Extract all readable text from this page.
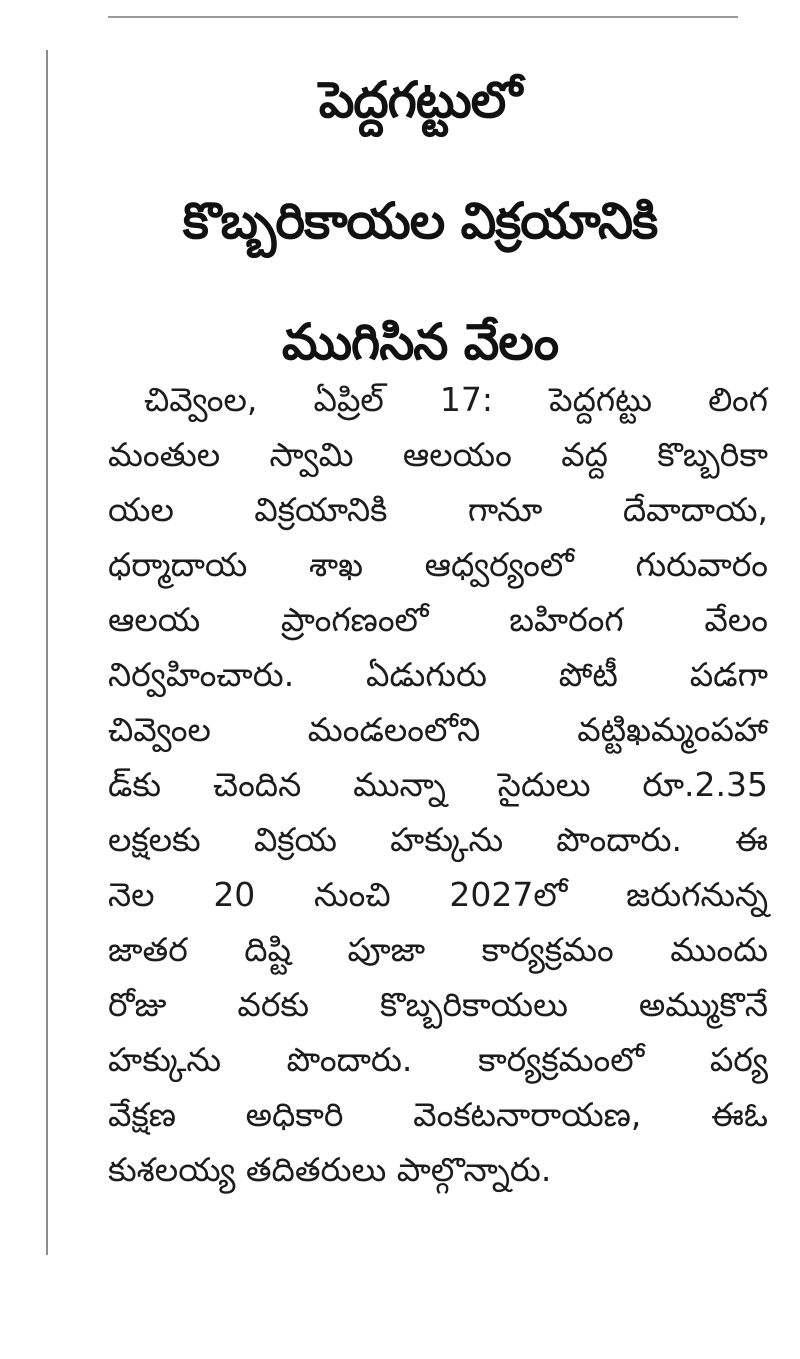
పెద్దగట్టులో
కొబ్బరికాయల విక్రయానికి
ముగిసిన వేలం
చివ్వెంల, ఏప్రిల్ 17: పెద్దగట్టు లింగ
మంతుల స్వామి ఆలయం వద్ద కొబ్బరికా
యల విక్రయానికి గానూ దేవాదాయ,
ధర్మాదాయ శాఖ ఆధ్వర్యంలో గురువారం
ఆలయ ప్రాంగణంలో బహిరంగ వేలం
నిర్వహించారు. ఏడుగురు పోటీ పడగా
చివ్వెంల మండలంలోని వట్టిఖమ్మంపహా
డ్‌కు చెందిన మున్నా సైదులు రూ.2.35
లక్షలకు విక్రయ హక్కును పొందారు. ఈ
నెల 20 నుంచి 2027లో జరుగనున్న
జాతర దిష్టి పూజా కార్యక్రమం ముందు
రోజు వరకు కొబ్బరికాయలు అమ్ముకొనే
హక్కును పొందారు. కార్యక్రమంలో పర్య
వేక్షణ అధికారి వెంకటనారాయణ, ఈఓ
కుశలయ్య తదితరులు పాల్గొన్నారు.
